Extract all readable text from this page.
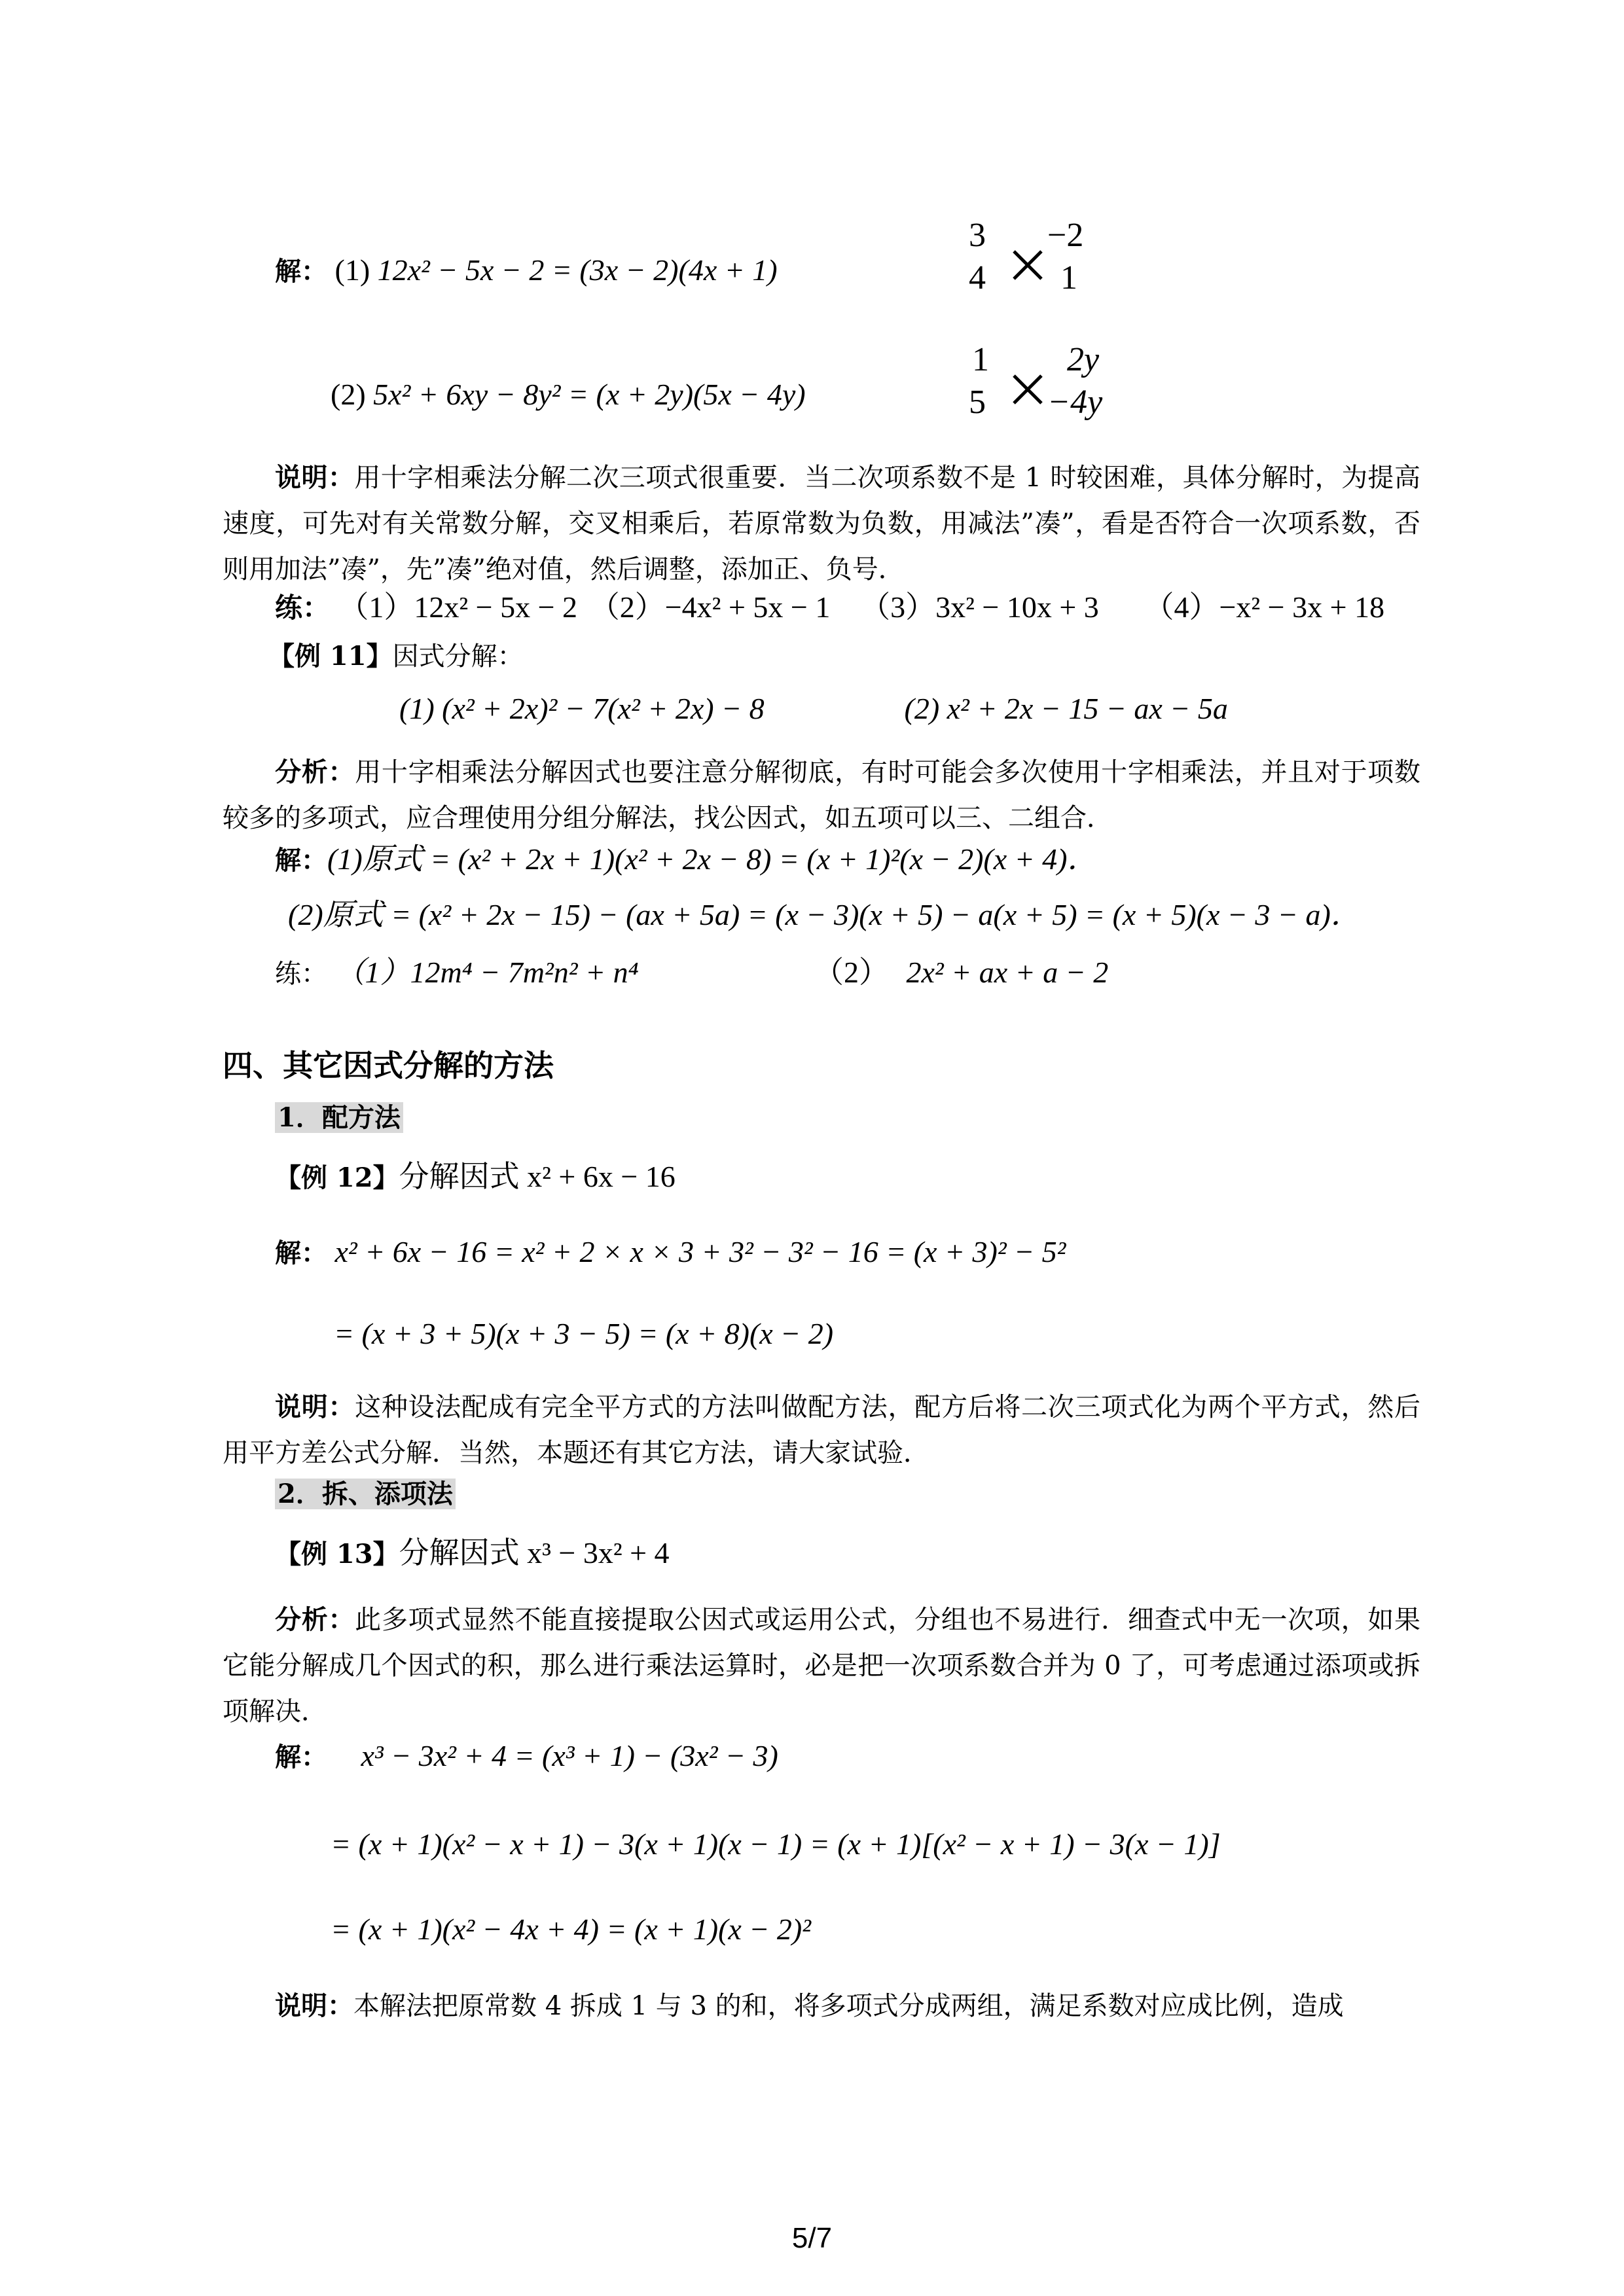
解： (1) 12x² − 5x − 2 = (3x − 2)(4x + 1)
3 −2
4 1
(2) 5x² + 6xy − 8y² = (x + 2y)(5x − 4y)
1 2y
5 −4y
说明：用十字相乘法分解二次三项式很重要．当二次项系数不是 1 时较困难，具体分解时，为提高速度，可先对有关常数分解，交叉相乘后，若原常数为负数，用减法”凑”，看是否符合一次项系数，否则用加法”凑”，先”凑”绝对值，然后调整，添加正、负号．
练： （1）12x² − 5x − 2 （2）−4x² + 5x − 1 （3）3x² − 10x + 3 （4）−x² − 3x + 18
【例 11】因式分解：
(1) (x² + 2x)² − 7(x² + 2x) − 8	(2) x² + 2x − 15 − ax − 5a
分析：用十字相乘法分解因式也要注意分解彻底，有时可能会多次使用十字相乘法，并且对于项数较多的多项式，应合理使用分组分解法，找公因式，如五项可以三、二组合．
解：(1)原式 = (x² + 2x + 1)(x² + 2x − 8) = (x + 1)²(x − 2)(x + 4)．
(2)原式 = (x² + 2x − 15) − (ax + 5a) = (x − 3)(x + 5) − a(x + 5) = (x + 5)(x − 3 − a)．
练： （1）12m⁴ − 7m²n² + n⁴	（2） 2x² + ax + a − 2
四、其它因式分解的方法
1．配方法
【例 12】分解因式 x² + 6x − 16
解： x² + 6x − 16 = x² + 2 × x × 3 + 3² − 3² − 16 = (x + 3)² − 5²
= (x + 3 + 5)(x + 3 − 5) = (x + 8)(x − 2)
说明：这种设法配成有完全平方式的方法叫做配方法，配方后将二次三项式化为两个平方式，然后用平方差公式分解．当然，本题还有其它方法，请大家试验．
2．拆、添项法
【例 13】分解因式 x³ − 3x² + 4
分析：此多项式显然不能直接提取公因式或运用公式，分组也不易进行．细查式中无一次项，如果它能分解成几个因式的积，那么进行乘法运算时，必是把一次项系数合并为 0 了，可考虑通过添项或拆项解决．
解： x³ − 3x² + 4 = (x³ + 1) − (3x² − 3)
= (x + 1)(x² − x + 1) − 3(x + 1)(x − 1) = (x + 1)[(x² − x + 1) − 3(x − 1)]
= (x + 1)(x² − 4x + 4) = (x + 1)(x − 2)²
说明：本解法把原常数 4 拆成 1 与 3 的和，将多项式分成两组，满足系数对应成比例，造成
5/7
